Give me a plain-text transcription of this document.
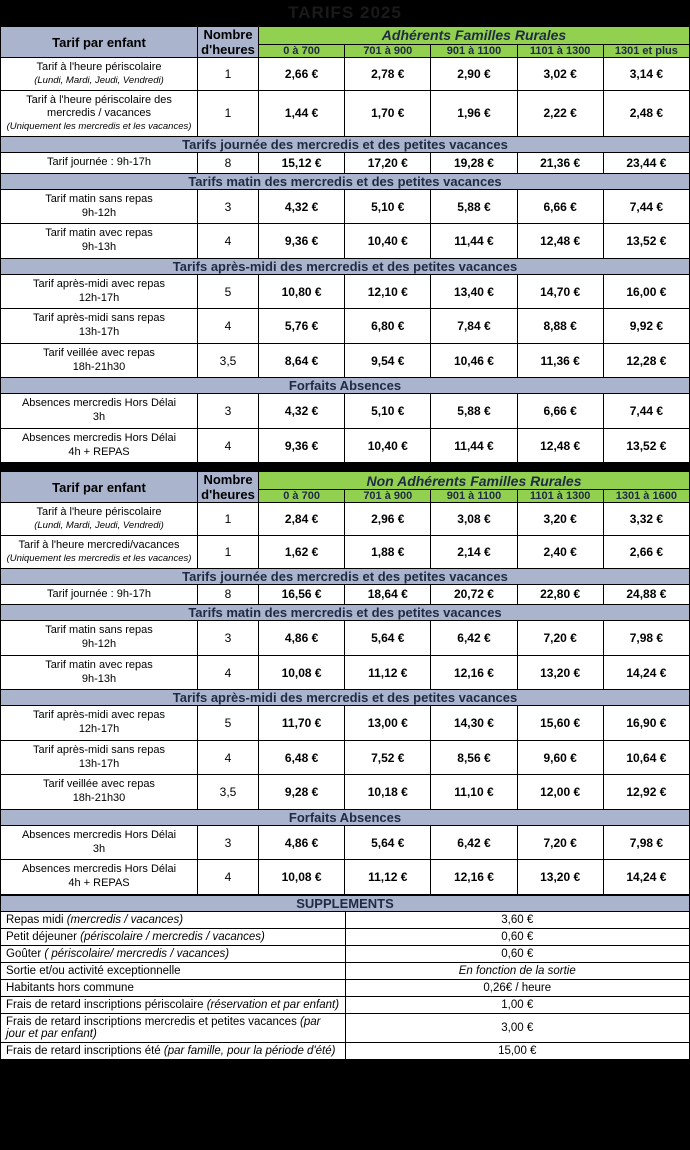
TARIFS 2025
Tarif par enfant	Nombre
d'heures	Adhérents Familles Rurales				
		0 à 700	701 à 900	901 à 1100	1101 à 1300	1301 et plus

Tarif à l'heure périscolaire
(Lundi, Mardi, Jeudi, Vendredi)	1	2,66 €	2,78 €	2,90 €	3,02 €	3,14 €

Tarif à l'heure périscolaire des mercredis / vacances
(Uniquement les mercredis et les vacances)	1	1,44 €	1,70 €	1,96 €	2,22 €	2,48 €
Tarifs journée des mercredis et des petites vacances						

Tarif journée : 9h-17h	8	15,12 €	17,20 €	19,28 €	21,36 €	23,44 €
Tarifs matin des mercredis et des petites vacances						

Tarif matin sans repas
9h-12h	3	4,32 €	5,10 €	5,88 €	6,66 €	7,44 €

Tarif matin avec repas
9h-13h	4	9,36 €	10,40 €	11,44 €	12,48 €	13,52 €
Tarifs après-midi des mercredis et des petites vacances						

Tarif après-midi avec repas
12h-17h	5	10,80 €	12,10 €	13,40 €	14,70 €	16,00 €

Tarif après-midi sans repas
13h-17h	4	5,76 €	6,80 €	7,84 €	8,88 €	9,92 €

Tarif veillée avec repas
18h-21h30	3,5	8,64 €	9,54 €	10,46 €	11,36 €	12,28 €
Forfaits Absences						

Absences mercredis Hors Délai
3h	3	4,32 €	5,10 €	5,88 €	6,66 €	7,44 €

Absences mercredis Hors Délai
4h + REPAS	4	9,36 €	10,40 €	11,44 €	12,48 €	13,52 €
Tarif par enfant	Nombre
d'heures	Non Adhérents Familles Rurales				
		0 à 700	701 à 900	901 à 1100	1101 à 1300	1301 à 1600

Tarif à l'heure périscolaire
(Lundi, Mardi, Jeudi, Vendredi)	1	2,84 €	2,96 €	3,08 €	3,20 €	3,32 €

Tarif à l'heure mercredi/vacances
(Uniquement les mercredis et les vacances)	1	1,62 €	1,88 €	2,14 €	2,40 €	2,66 €
Tarifs journée des mercredis et des petites vacances						

Tarif journée : 9h-17h	8	16,56 €	18,64 €	20,72 €	22,80 €	24,88 €
Tarifs matin des mercredis et des petites vacances						

Tarif matin sans repas
9h-12h	3	4,86 €	5,64 €	6,42 €	7,20 €	7,98 €

Tarif matin avec repas
9h-13h	4	10,08 €	11,12 €	12,16 €	13,20 €	14,24 €
Tarifs après-midi des mercredis et des petites vacances						

Tarif après-midi avec repas
12h-17h	5	11,70 €	13,00 €	14,30 €	15,60 €	16,90 €

Tarif après-midi sans repas
13h-17h	4	6,48 €	7,52 €	8,56 €	9,60 €	10,64 €

Tarif veillée avec repas
18h-21h30	3,5	9,28 €	10,18 €	11,10 €	12,00 €	12,92 €
Forfaits Absences						

Absences mercredis Hors Délai
3h	3	4,86 €	5,64 €	6,42 €	7,20 €	7,98 €

Absences mercredis Hors Délai
4h + REPAS	4	10,08 €	11,12 €	12,16 €	13,20 €	14,24 €
SUPPLEMENTS	
Repas midi (mercredis / vacances)	3,60 €
Petit déjeuner (périscolaire / mercredis / vacances)	0,60 €
Goûter ( périscolaire/ mercredis / vacances)	0,60 €
Sortie et/ou activité exceptionnelle	En fonction de la sortie
Habitants hors commune	0,26€ / heure
Frais de retard inscriptions périscolaire (réservation et par enfant)	1,00 €
Frais de retard inscriptions mercredis et petites vacances (par jour et par enfant)	3,00 €
Frais de retard inscriptions été (par famille, pour la période d'été)	15,00 €
